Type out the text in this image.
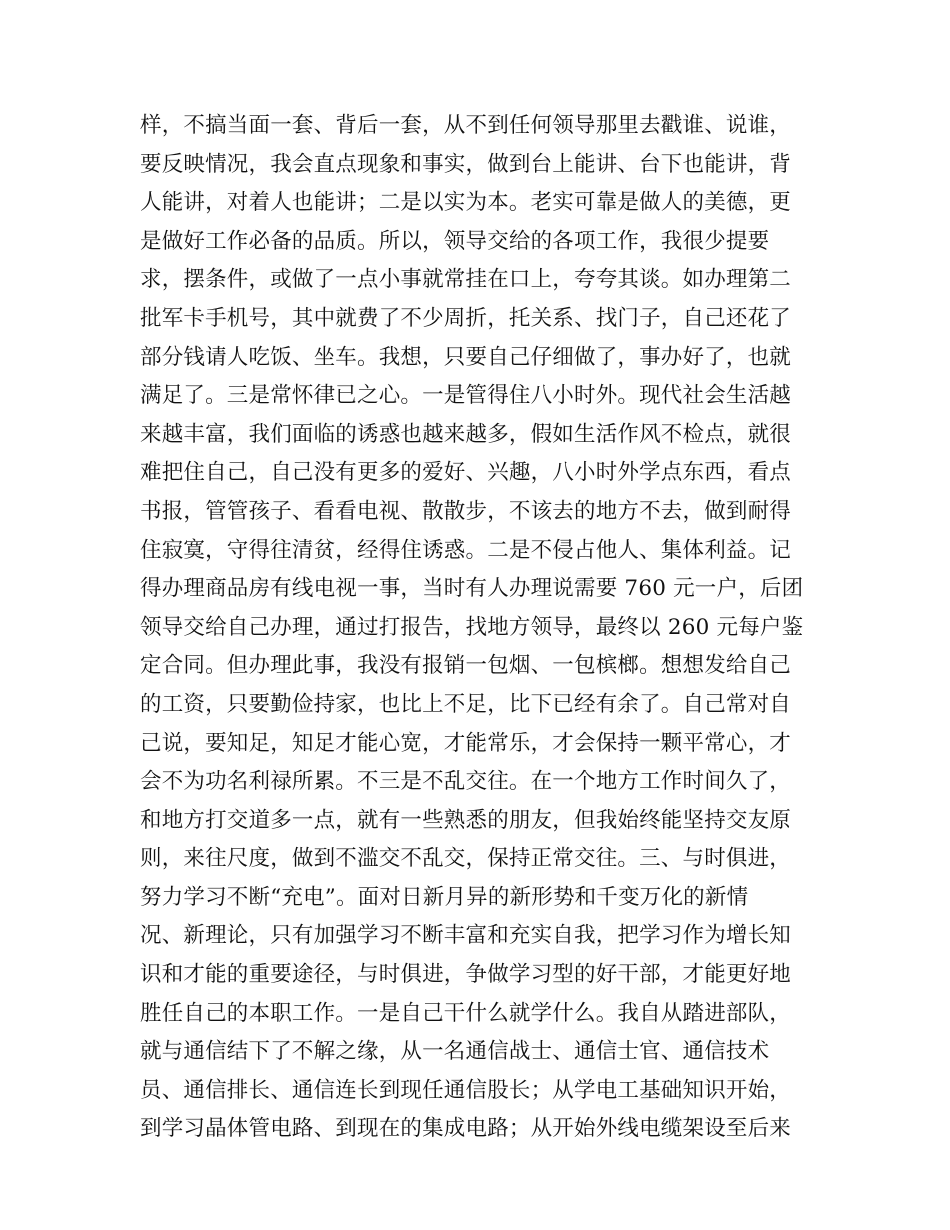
样，不搞当面一套、背后一套，从不到任何领导那里去戳谁、说谁，
要反映情况，我会直点现象和事实，做到台上能讲、台下也能讲，背
人能讲，对着人也能讲；二是以实为本。老实可靠是做人的美德，更
是做好工作必备的品质。所以，领导交给的各项工作，我很少提要
求，摆条件，或做了一点小事就常挂在口上，夸夸其谈。如办理第二
批军卡手机号，其中就费了不少周折，托关系、找门子，自己还花了
部分钱请人吃饭、坐车。我想，只要自己仔细做了，事办好了，也就
满足了。三是常怀律已之心。一是管得住八小时外。现代社会生活越
来越丰富，我们面临的诱惑也越来越多，假如生活作风不检点，就很
难把住自己，自己没有更多的爱好、兴趣，八小时外学点东西，看点
书报，管管孩子、看看电视、散散步，不该去的地方不去，做到耐得
住寂寞，守得往清贫，经得住诱惑。二是不侵占他人、集体利益。记
得办理商品房有线电视一事，当时有人办理说需要 760 元一户，后团
领导交给自己办理，通过打报告，找地方领导，最终以 260 元每户鉴
定合同。但办理此事，我没有报销一包烟、一包槟榔。想想发给自己
的工资，只要勤俭持家，也比上不足，比下已经有余了。自己常对自
己说，要知足，知足才能心宽，才能常乐，才会保持一颗平常心，才
会不为功名利禄所累。不三是不乱交往。在一个地方工作时间久了，
和地方打交道多一点，就有一些熟悉的朋友，但我始终能坚持交友原
则，来往尺度，做到不滥交不乱交，保持正常交往。三、与时俱进，
努力学习不断“充电”。面对日新月异的新形势和千变万化的新情
况、新理论，只有加强学习不断丰富和充实自我，把学习作为增长知
识和才能的重要途径，与时俱进，争做学习型的好干部，才能更好地
胜任自己的本职工作。一是自己干什么就学什么。我自从踏进部队，
就与通信结下了不解之缘，从一名通信战士、通信士官、通信技术
员、通信排长、通信连长到现任通信股长；从学电工基础知识开始，
到学习晶体管电路、到现在的集成电路；从开始外线电缆架设至后来
